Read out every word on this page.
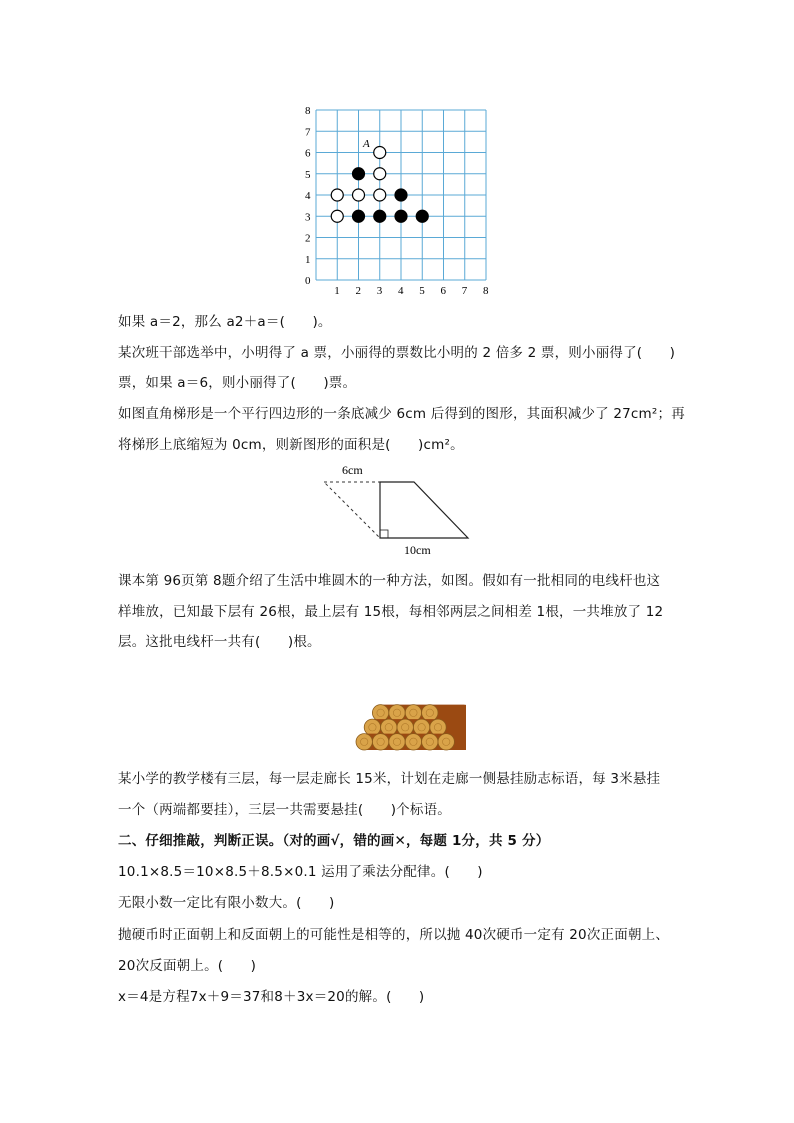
0
1
2
3
4
5
6
7
8
1 2 3 4 5 6 7 8
A
如果 a＝2，那么 a2＋a＝(　　)。
某次班干部选举中，小明得了 a 票，小丽得的票数比小明的 2 倍多 2 票，则小丽得了(　　)
票，如果 a＝6，则小丽得了(　　)票。
如图直角梯形是一个平行四边形的一条底减少 6cm 后得到的图形，其面积减少了 27cm²；再
将梯形上底缩短为 0cm，则新图形的面积是(　　)cm²。
6cm
10cm
课本第 96页第 8题介绍了生活中堆圆木的一种方法，如图。假如有一批相同的电线杆也这
样堆放，已知最下层有 26根，最上层有 15根，每相邻两层之间相差 1根，一共堆放了 12
层。这批电线杆一共有(　　)根。
某小学的教学楼有三层，每一层走廊长 15米，计划在走廊一侧悬挂励志标语，每 3米悬挂
一个（两端都要挂），三层一共需要悬挂(　　)个标语。
二、仔细推敲，判断正误。（对的画√，错的画✕，每题 1分，共 5 分）
10.1×8.5＝10×8.5＋8.5×0.1 运用了乘法分配律。(　　)
无限小数一定比有限小数大。(　　)
抛硬币时正面朝上和反面朝上的可能性是相等的，所以抛 40次硬币一定有 20次正面朝上、
20次反面朝上。(　　)
x＝4是方程7x＋9＝37和8＋3x＝20的解。(　　)
